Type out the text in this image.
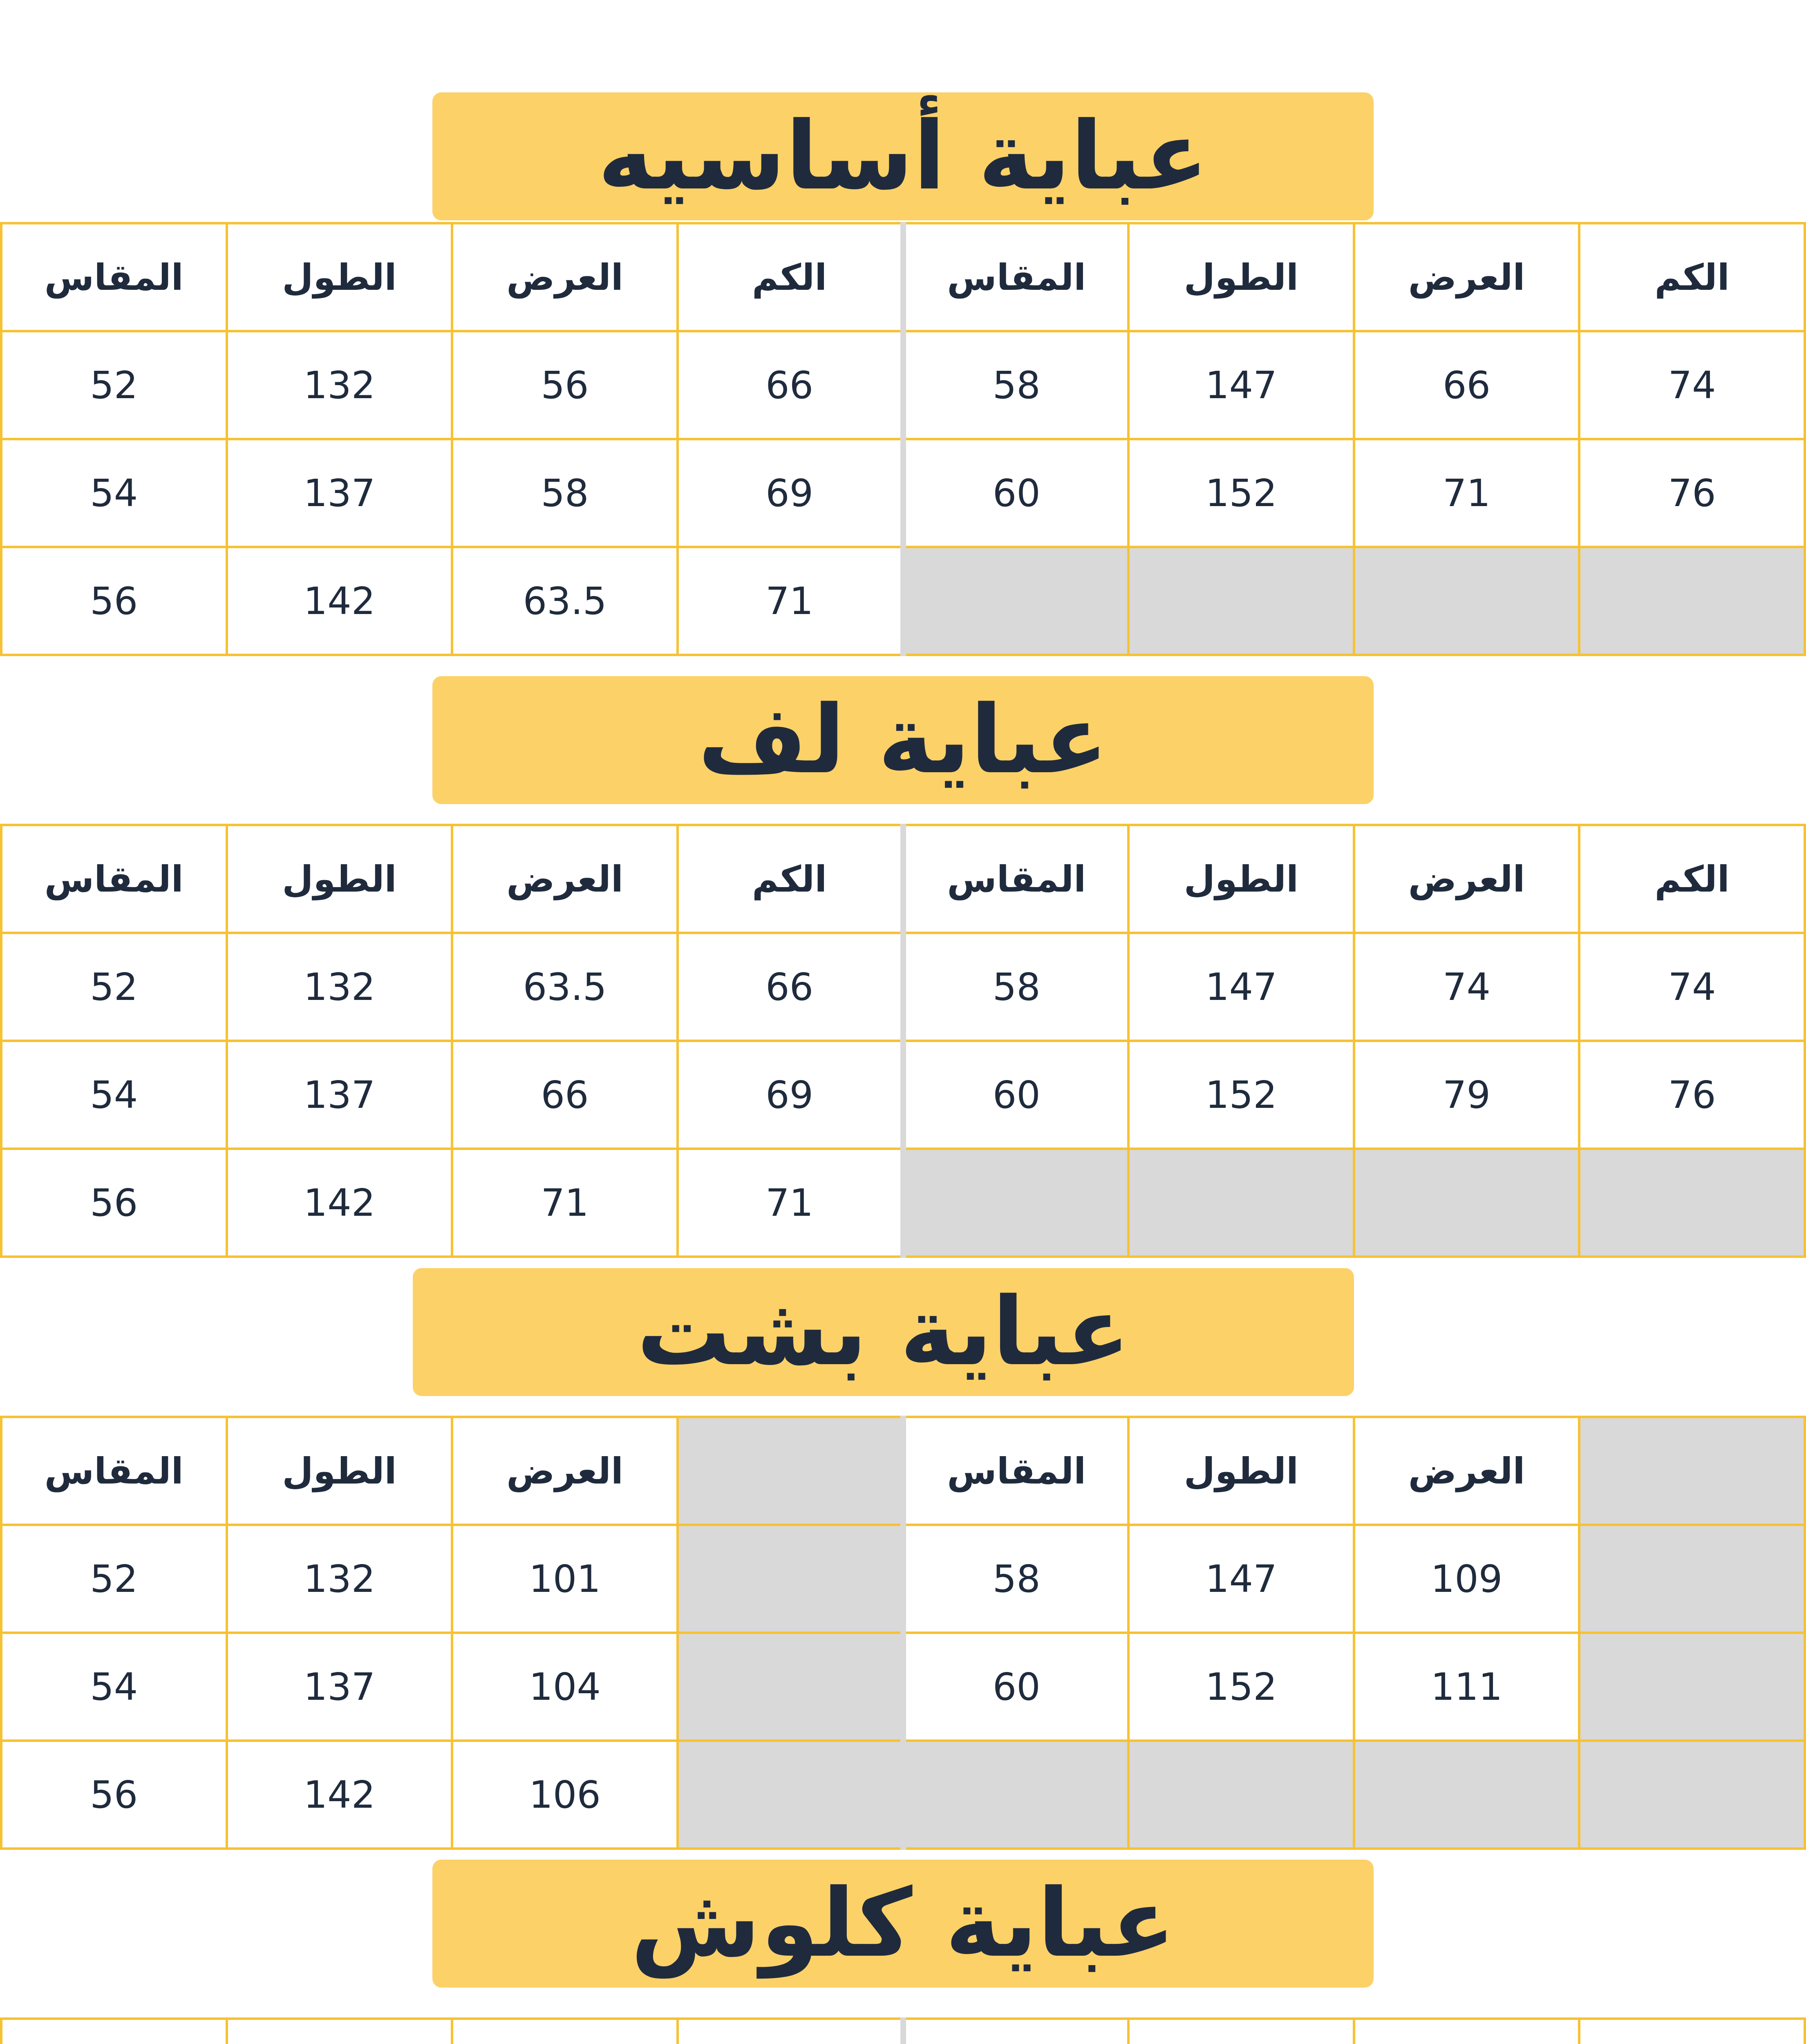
عباية أساسيه
المقاس	الطول	العرض	الكم	المقاس	الطول	العرض	الكم
52	132	56	66	58	147	66	74
54	137	58	69	60	152	71	76
56	142	63.5	71				
عباية لف
المقاس	الطول	العرض	الكم	المقاس	الطول	العرض	الكم
52	132	63.5	66	58	147	74	74
54	137	66	69	60	152	79	76
56	142	71	71				
عباية بشت
المقاس	الطول	العرض		المقاس	الطول	العرض	
52	132	101		58	147	109	
54	137	104		60	152	111	
56	142	106					
عباية كلوش
